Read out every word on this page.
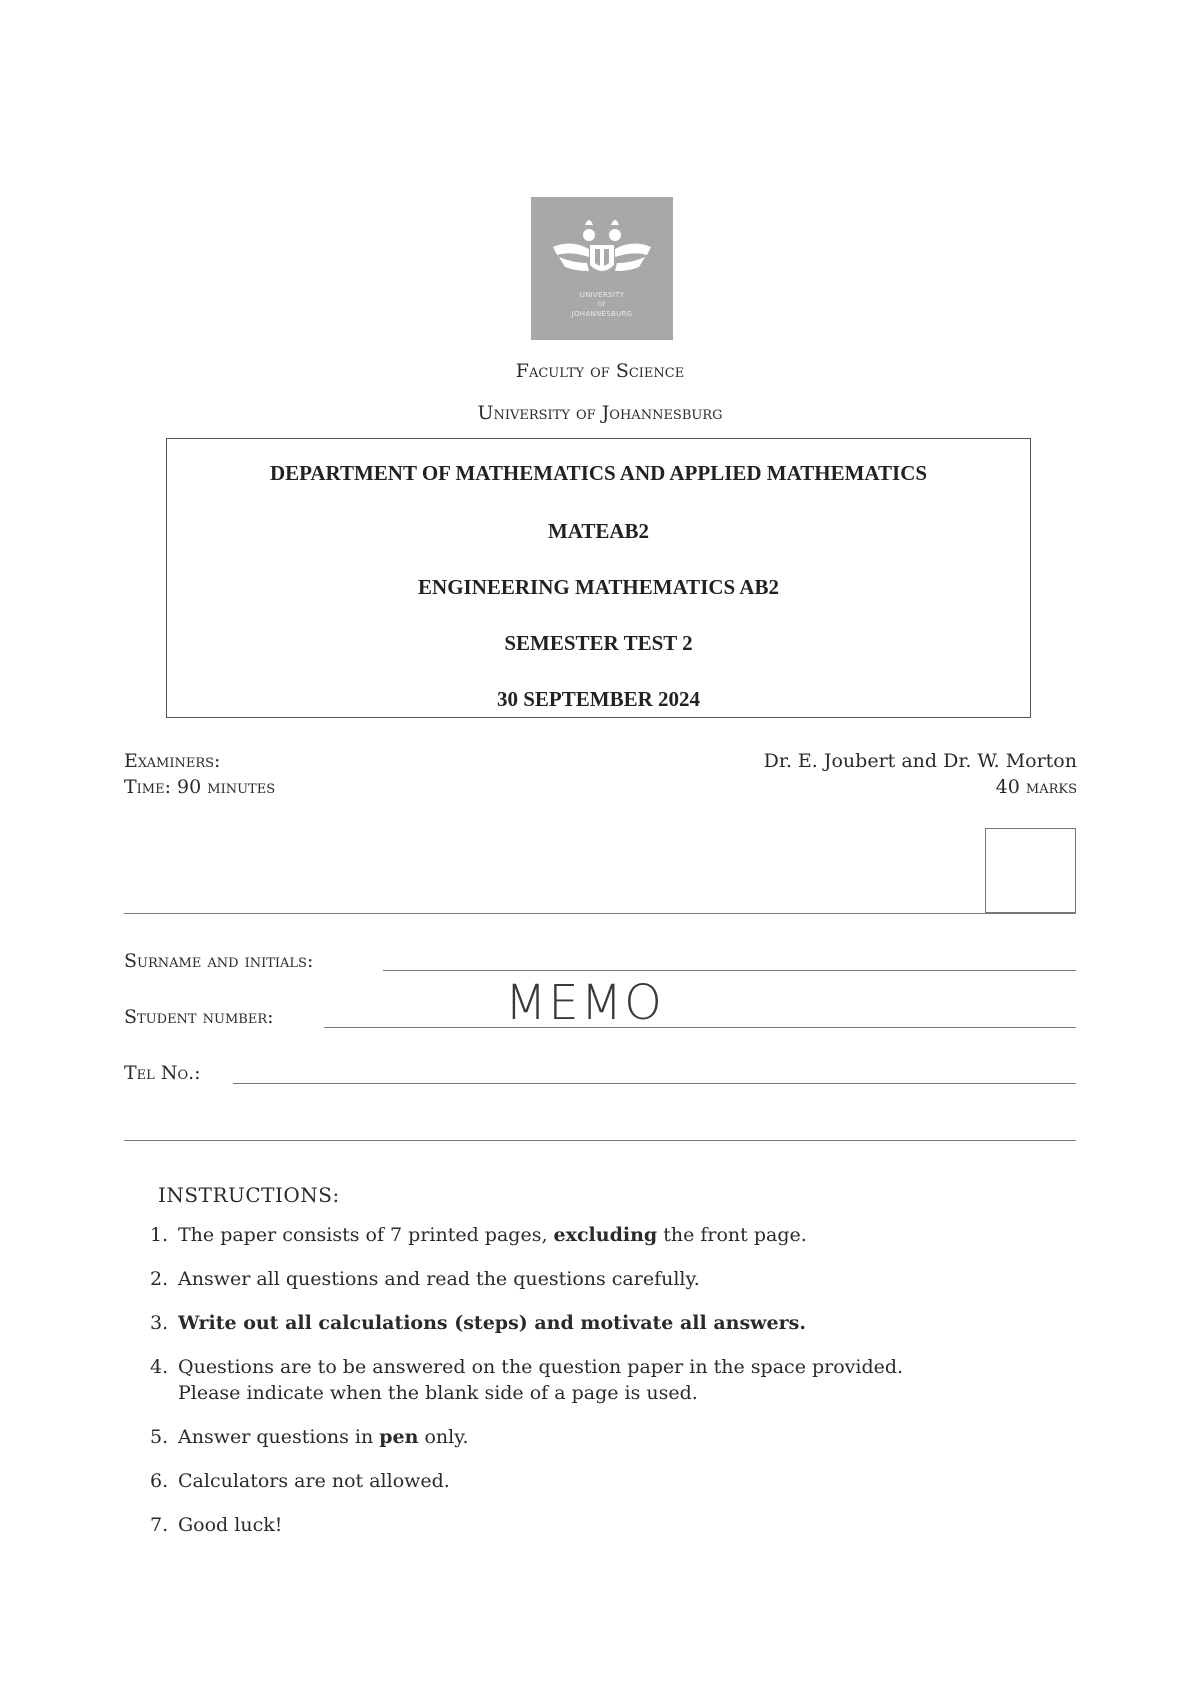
UNIVERSITY
OF
JOHANNESBURG
Faculty of Science
University of Johannesburg
DEPARTMENT OF MATHEMATICS AND APPLIED MATHEMATICS
MATEAB2
ENGINEERING MATHEMATICS AB2
SEMESTER TEST 2
30 SEPTEMBER 2024
Examiners:
Time: 90 minutes
Dr. E. Joubert and Dr. W. Morton
40 marks
Surname and initials:
Student number:	MEMO
Tel No.:
INSTRUCTIONS:
1. The paper consists of 7 printed pages, excluding the front page.
2. Answer all questions and read the questions carefully.
3. Write out all calculations (steps) and motivate all answers.
4. Questions are to be answered on the question paper in the space provided.
Please indicate when the blank side of a page is used.
5. Answer questions in pen only.
6. Calculators are not allowed.
7. Good luck!
